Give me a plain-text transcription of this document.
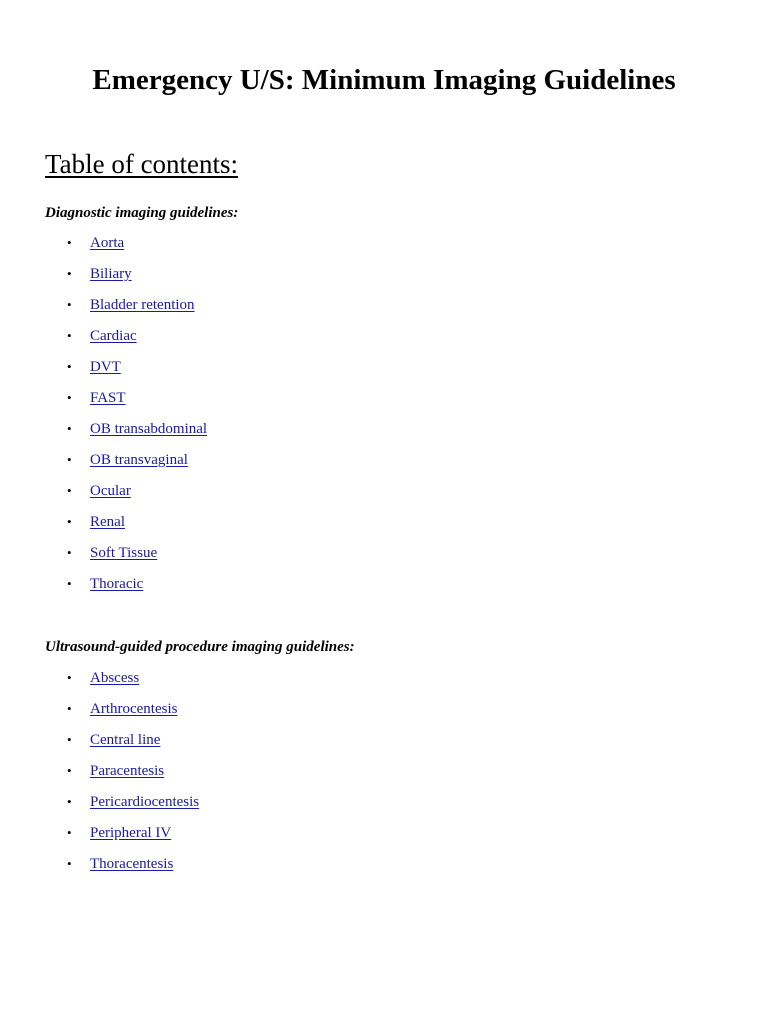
Emergency U/S: Minimum Imaging Guidelines
Table of contents:
Diagnostic imaging guidelines:
• Aorta
• Biliary
• Bladder retention
• Cardiac
• DVT
• FAST
• OB transabdominal
• OB transvaginal
• Ocular
• Renal
• Soft Tissue
• Thoracic
Ultrasound-guided procedure imaging guidelines:
• Abscess
• Arthrocentesis
• Central line
• Paracentesis
• Pericardiocentesis
• Peripheral IV
• Thoracentesis
